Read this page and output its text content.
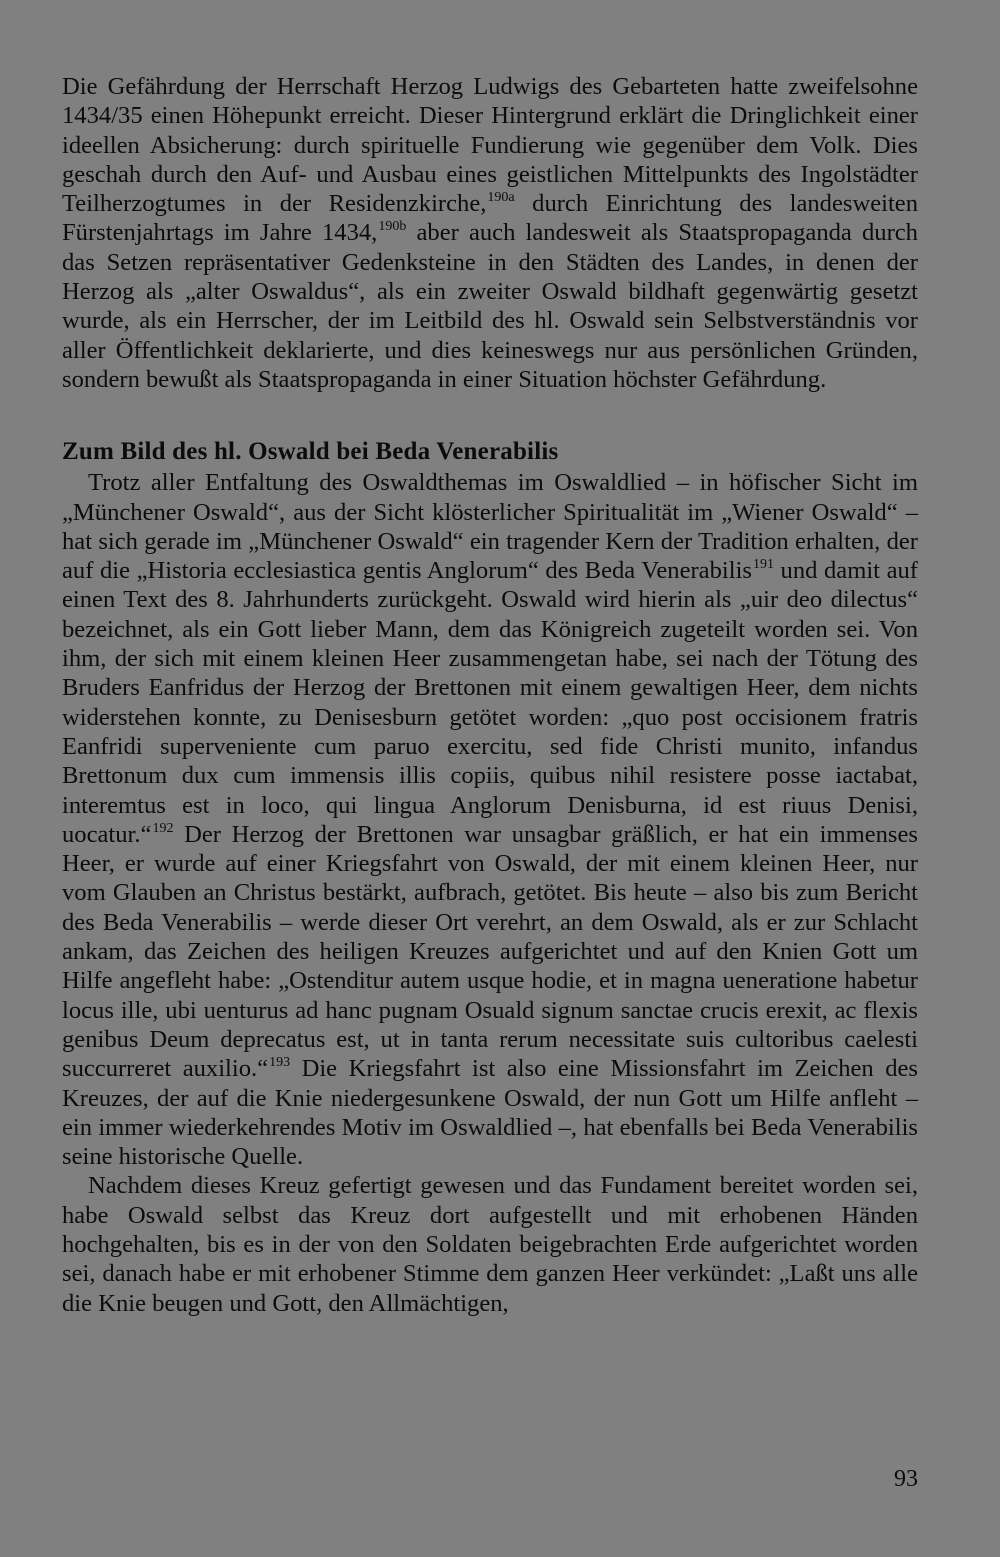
Die Gefährdung der Herrschaft Herzog Ludwigs des Gebarteten hatte zweifelsohne 1434/35 einen Höhepunkt erreicht. Dieser Hintergrund erklärt die Dringlichkeit einer ideellen Absicherung: durch spirituelle Fundierung wie gegenüber dem Volk. Dies geschah durch den Auf- und Ausbau eines geistlichen Mittelpunkts des Ingolstädter Teilherzogtumes in der Residenzkirche,$^{190a}$ durch Einrichtung des landesweiten Fürstenjahrtags im Jahre 1434,$^{190b}$ aber auch landesweit als Staatspropaganda durch das Setzen repräsentativer Gedenksteine in den Städten des Landes, in denen der Herzog als „alter Oswaldus“, als ein zweiter Oswald bildhaft gegenwärtig gesetzt wurde, als ein Herrscher, der im Leitbild des hl. Oswald sein Selbstverständnis vor aller Öffentlichkeit deklarierte, und dies keineswegs nur aus persönlichen Gründen, sondern bewußt als Staatspropaganda in einer Situation höchster Gefährdung.

Zum Bild des hl. Oswald bei Beda Venerabilis

Trotz aller Entfaltung des Oswaldthemas im Oswaldlied – in höfischer Sicht im „Münchener Oswald“, aus der Sicht klösterlicher Spiritualität im „Wiener Oswald“ – hat sich gerade im „Münchener Oswald“ ein tragender Kern der Tradition erhalten, der auf die „Historia ecclesiastica gentis Anglorum“ des Beda Venerabilis$^{191}$ und damit auf einen Text des 8. Jahrhunderts zurückgeht. Oswald wird hierin als „uir deo dilectus“ bezeichnet, als ein Gott lieber Mann, dem das Königreich zugeteilt worden sei. Von ihm, der sich mit einem kleinen Heer zusammengetan habe, sei nach der Tötung des Bruders Eanfridus der Herzog der Brettonen mit einem gewaltigen Heer, dem nichts widerstehen konnte, zu Denisesburn getötet worden: „quo post occisionem fratris Eanfridi superveniente cum paruo exercitu, sed fide Christi munito, infandus Brettonum dux cum immensis illis copiis, quibus nihil resistere posse iactabat, interemtus est in loco, qui lingua Anglorum Denisburna, id est riuus Denisi, uocatur.“$^{192}$ Der Herzog der Brettonen war unsagbar gräßlich, er hat ein immenses Heer, er wurde auf einer Kriegsfahrt von Oswald, der mit einem kleinen Heer, nur vom Glauben an Christus bestärkt, aufbrach, getötet. Bis heute – also bis zum Bericht des Beda Venerabilis – werde dieser Ort verehrt, an dem Oswald, als er zur Schlacht ankam, das Zeichen des heiligen Kreuzes aufgerichtet und auf den Knien Gott um Hilfe angefleht habe: „Ostenditur autem usque hodie, et in magna ueneratione habetur locus ille, ubi uenturus ad hanc pugnam Osuald signum sanctae crucis erexit, ac flexis genibus Deum deprecatus est, ut in tanta rerum necessitate suis cultoribus caelesti succurreret auxilio.“$^{193}$ Die Kriegsfahrt ist also eine Missionsfahrt im Zeichen des Kreuzes, der auf die Knie niedergesunkene Oswald, der nun Gott um Hilfe anfleht – ein immer wiederkehrendes Motiv im Oswaldlied –, hat ebenfalls bei Beda Venerabilis seine historische Quelle.

Nachdem dieses Kreuz gefertigt gewesen und das Fundament bereitet worden sei, habe Oswald selbst das Kreuz dort aufgestellt und mit erhobenen Händen hochgehalten, bis es in der von den Soldaten beigebrachten Erde aufgerichtet worden sei, danach habe er mit erhobener Stimme dem ganzen Heer verkündet: „Laßt uns alle die Knie beugen und Gott, den Allmächtigen,

93
